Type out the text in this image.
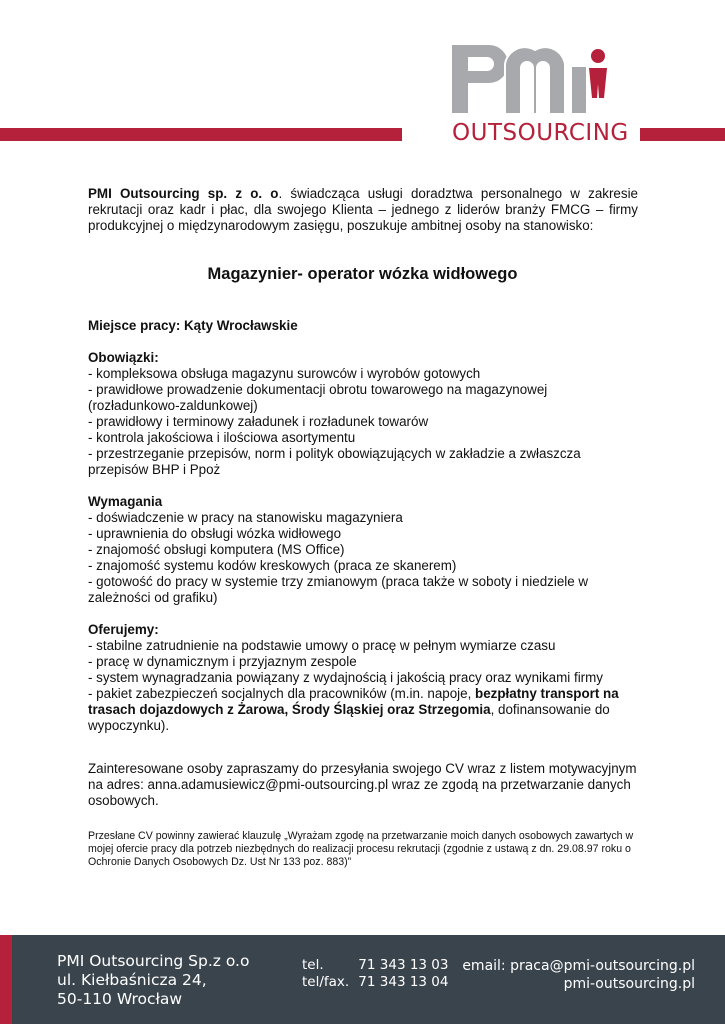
OUTSOURCING
PMI Outsourcing sp. z o. o. świadcząca usługi doradztwa personalnego w zakresie rekrutacji oraz kadr i płac, dla swojego Klienta – jednego z liderów branży FMCG – firmy produkcyjnej o międzynarodowym zasięgu, poszukuje ambitnej osoby na stanowisko:
Magazynier- operator wózka widłowego
Miejsce pracy: Kąty Wrocławskie
Obowiązki:
- kompleksowa obsługa magazynu surowców i wyrobów gotowych
- prawidłowe prowadzenie dokumentacji obrotu towarowego na magazynowej (rozładunkowo-zaldunkowej)
- prawidłowy i terminowy załadunek i rozładunek towarów
- kontrola jakościowa i ilościowa asortymentu
- przestrzeganie przepisów, norm i polityk obowiązujących w zakładzie a zwłaszcza przepisów BHP i Ppoż
Wymagania
- doświadczenie w pracy na stanowisku magazyniera
- uprawnienia do obsługi wózka widłowego
- znajomość obsługi komputera (MS Office)
- znajomość systemu kodów kreskowych (praca ze skanerem)
- gotowość do pracy w systemie trzy zmianowym (praca także w soboty i niedziele w zależności od grafiku)
Oferujemy:
- stabilne zatrudnienie na podstawie umowy o pracę w pełnym wymiarze czasu
- pracę w dynamicznym i przyjaznym zespole
- system wynagradzania powiązany z wydajnością i jakością pracy oraz wynikami firmy
- pakiet zabezpieczeń socjalnych dla pracowników (m.in. napoje, bezpłatny transport na trasach dojazdowych z Żarowa, Środy Śląskiej oraz Strzegomia, dofinansowanie do wypoczynku).
Zainteresowane osoby zapraszamy do przesyłania swojego CV wraz z listem motywacyjnym na adres: anna.adamusiewicz@pmi-outsourcing.pl wraz ze zgodą na przetwarzanie danych osobowych.
Przesłane CV powinny zawierać klauzulę „Wyrażam zgodę na przetwarzanie moich danych osobowych zawartych w mojej ofercie pracy dla potrzeb niezbędnych do realizacji procesu rekrutacji (zgodnie z ustawą z dn. 29.08.97 roku o Ochronie Danych Osobowych Dz. Ust Nr 133 poz. 883)”
PMI Outsourcing Sp.z o.o
ul. Kiełbaśnicza 24,
50-110 Wrocław
tel.	71 343 13 03
tel/fax. 71 343 13 04
email: praca@pmi-outsourcing.pl
pmi-outsourcing.pl
